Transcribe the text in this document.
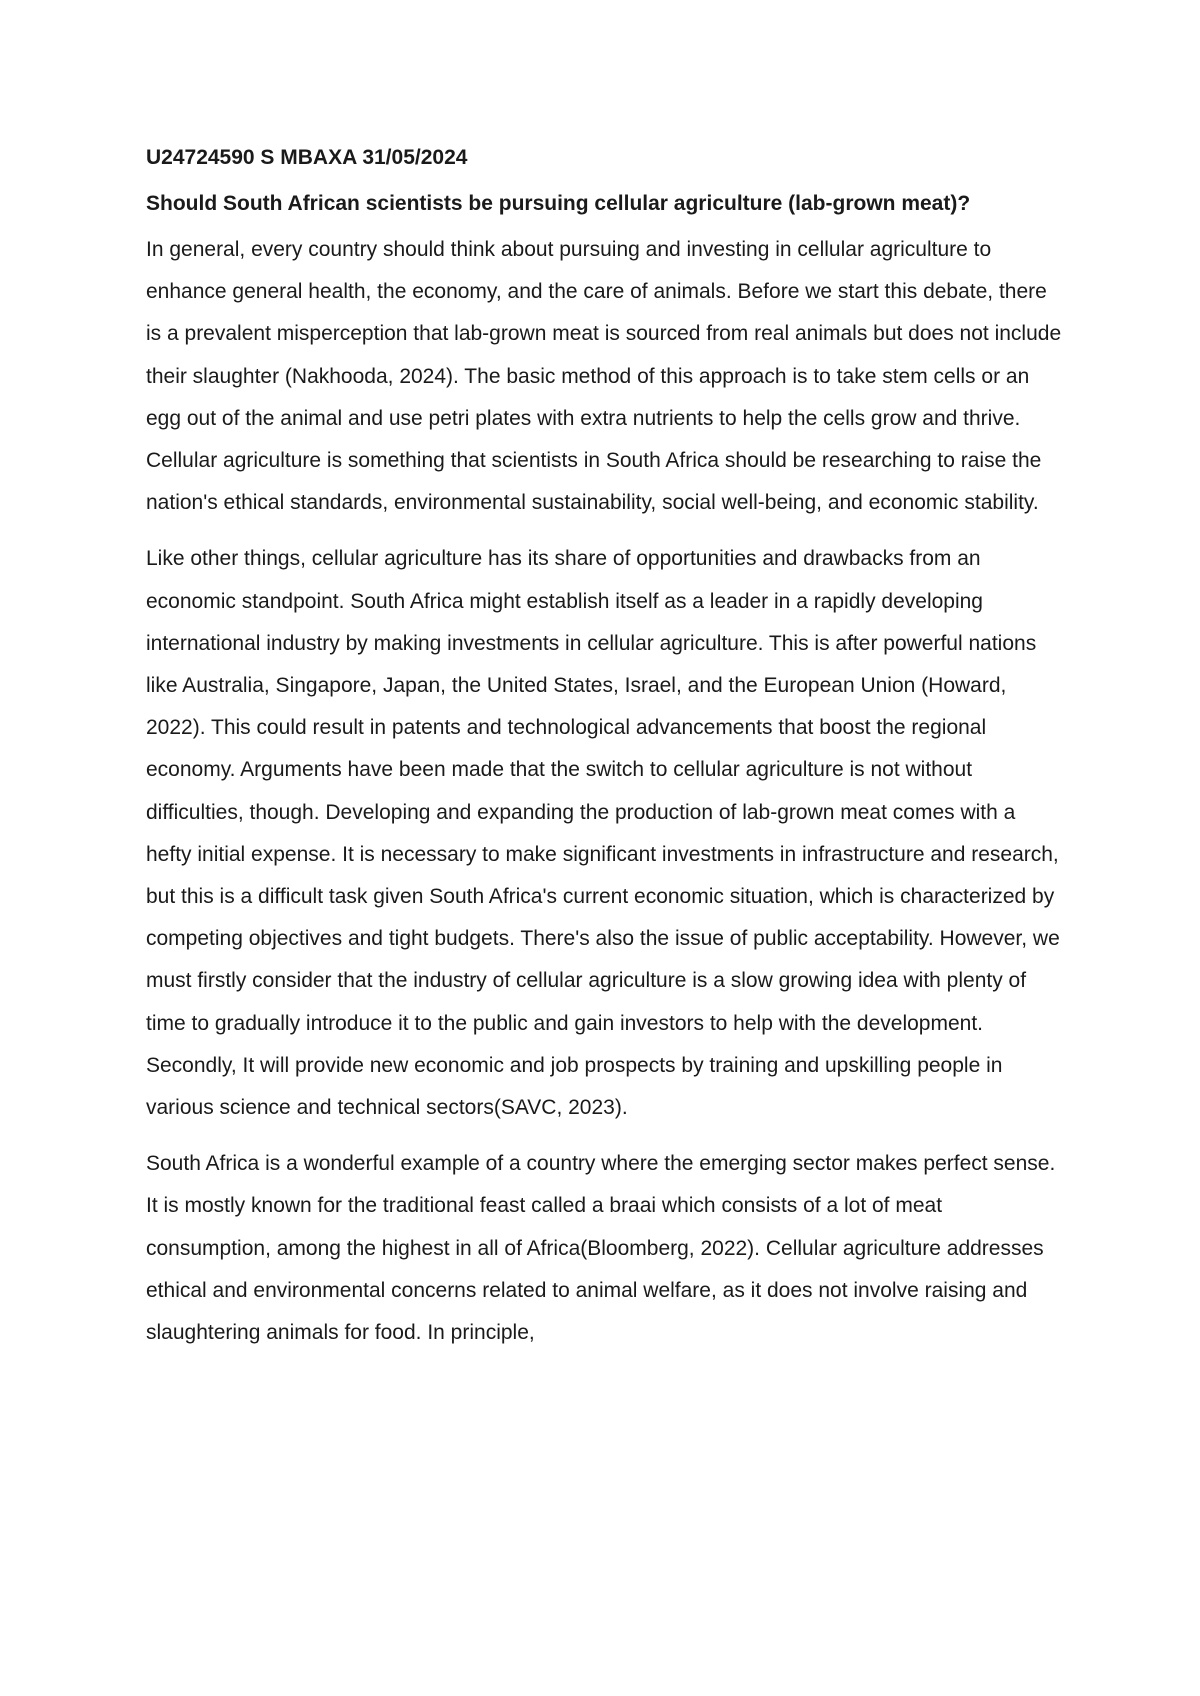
U24724590 S MBAXA 31/05/2024
Should South African scientists be pursuing cellular agriculture (lab-grown meat)?

In general, every country should think about pursuing and investing in cellular agriculture to enhance general health, the economy, and the care of animals. Before we start this debate, there is a prevalent misperception that lab-grown meat is sourced from real animals but does not include their slaughter (Nakhooda, 2024). The basic method of this approach is to take stem cells or an egg out of the animal and use petri plates with extra nutrients to help the cells grow and thrive. Cellular agriculture is something that scientists in South Africa should be researching to raise the nation's ethical standards, environmental sustainability, social well-being, and economic stability.

Like other things, cellular agriculture has its share of opportunities and drawbacks from an economic standpoint. South Africa might establish itself as a leader in a rapidly developing international industry by making investments in cellular agriculture. This is after powerful nations like Australia, Singapore, Japan, the United States, Israel, and the European Union (Howard, 2022). This could result in patents and technological advancements that boost the regional economy. Arguments have been made that the switch to cellular agriculture is not without difficulties, though. Developing and expanding the production of lab-grown meat comes with a hefty initial expense. It is necessary to make significant investments in infrastructure and research, but this is a difficult task given South Africa's current economic situation, which is characterized by competing objectives and tight budgets. There's also the issue of public acceptability. However, we must firstly consider that the industry of cellular agriculture is a slow growing idea with plenty of time to gradually introduce it to the public and gain investors to help with the development. Secondly, It will provide new economic and job prospects by training and upskilling people in various science and technical sectors(SAVC, 2023).

South Africa is a wonderful example of a country where the emerging sector makes perfect sense. It is mostly known for the traditional feast called a braai which consists of a lot of meat consumption, among the highest in all of Africa(Bloomberg, 2022). Cellular agriculture addresses ethical and environmental concerns related to animal welfare, as it does not involve raising and slaughtering animals for food. In principle,
